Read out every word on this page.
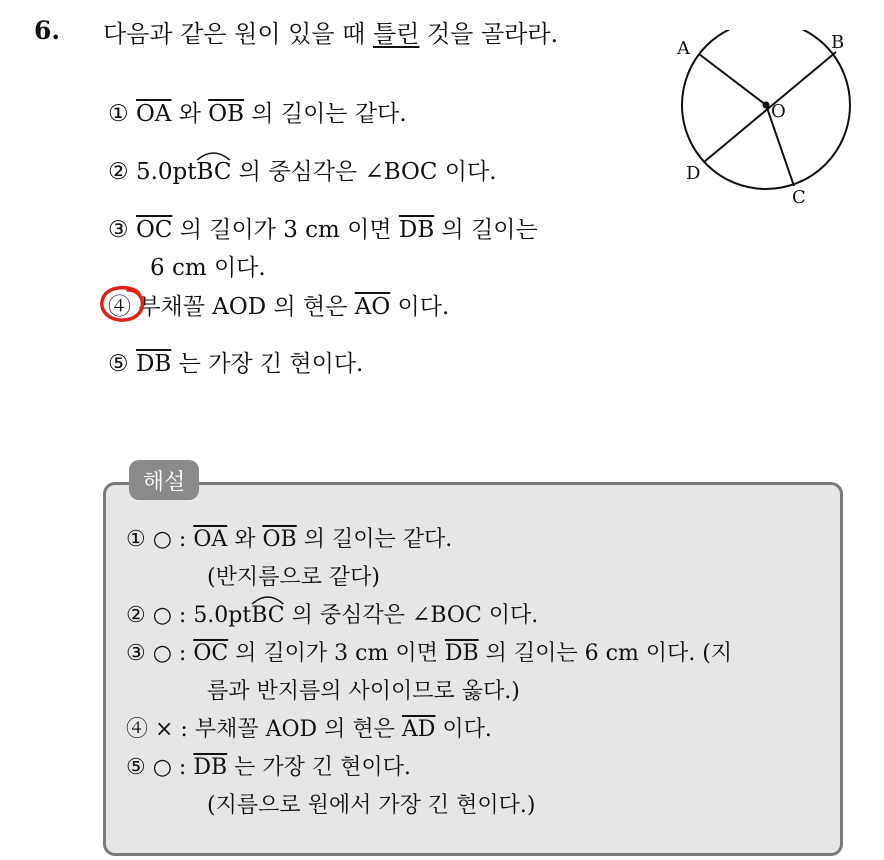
6. 다음과 같은 원이 있을 때 틀린 것을 골라라.
① $\overline{OA}$ 와 $\overline{OB}$ 의 길이는 같다.
② 5.0pt
BC 의 중심각은 ∠BOC 이다.
③ $\overline{OC}$ 의 길이가 3 cm 이면 $\overline{DB}$ 의 길이는
6 cm 이다.
④ 부채꼴 AOD 의 현은 $\overline{AO}$ 이다.
⑤ $\overline{DB}$ 는 가장 긴 현이다.
A	B
O
D
C
해설
① ○ : $\overline{OA}$ 와 $\overline{OB}$ 의 길이는 같다.
(반지름으로 같다)
② ○ : 5.0pt
BC 의 중심각은 ∠BOC 이다.
③ ○ : $\overline{OC}$ 의 길이가 3 cm 이면 $\overline{DB}$ 의 길이는 6 cm 이다. (지
름과 반지름의 사이이므로 옳다.)
④ × : 부채꼴 AOD 의 현은 $\overline{AD}$ 이다.
⑤ ○ : $\overline{DB}$ 는 가장 긴 현이다.
(지름으로 원에서 가장 긴 현이다.)
